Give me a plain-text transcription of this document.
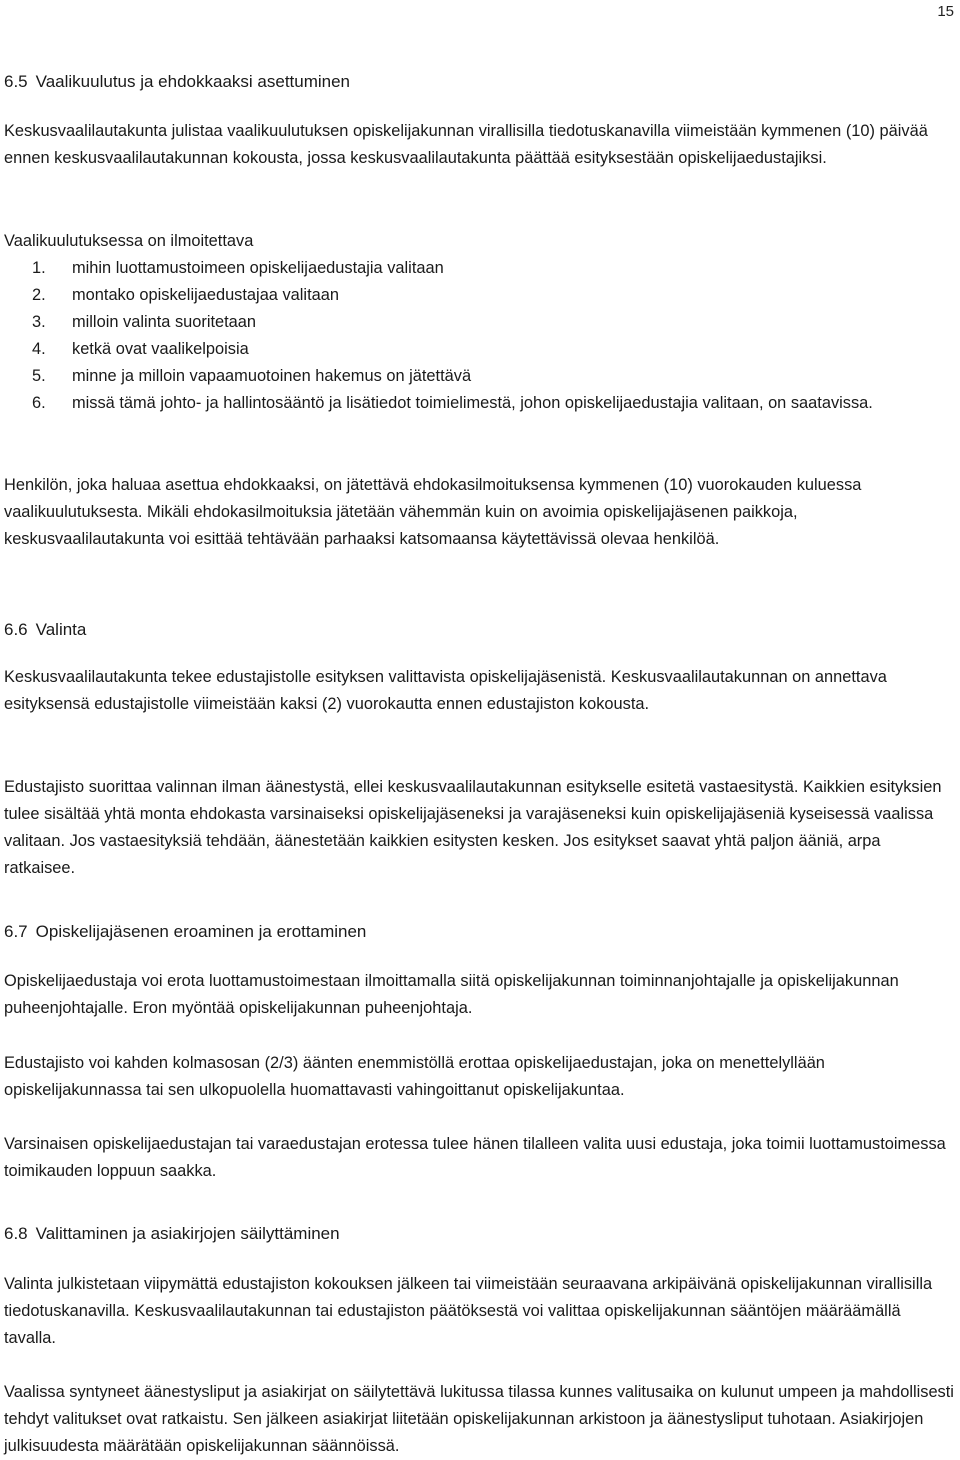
15
6.5 Vaalikuulutus ja ehdokkaaksi asettuminen

Keskusvaalilautakunta julistaa vaalikuulutuksen opiskelijakunnan virallisilla tiedotuskanavilla viimeistään kymmenen (10) päivää ennen keskusvaalilautakunnan kokousta, jossa keskusvaalilautakunta päättää esityksestään opiskelijaedustajiksi.

Vaalikuulutuksessa on ilmoitettava

1. mihin luottamustoimeen opiskelijaedustajia valitaan
2. montako opiskelijaedustajaa valitaan
3. milloin valinta suoritetaan
4. ketkä ovat vaalikelpoisia
5. minne ja milloin vapaamuotoinen hakemus on jätettävä
6. missä tämä johto- ja hallintosääntö ja lisätiedot toimielimestä, johon opiskelijaedustajia valitaan, on saatavissa.

Henkilön, joka haluaa asettua ehdokkaaksi, on jätettävä ehdokasilmoituksensa kymmenen (10) vuorokauden kuluessa vaalikuulutuksesta. Mikäli ehdokasilmoituksia jätetään vähemmän kuin on avoimia opiskelijajäsenen paikkoja, keskusvaalilautakunta voi esittää tehtävään parhaaksi katsomaansa käytettävissä olevaa henkilöä.

6.6 Valinta

Keskusvaalilautakunta tekee edustajistolle esityksen valittavista opiskelijajäsenistä. Keskusvaalilautakunnan on annettava esityksensä edustajistolle viimeistään kaksi (2) vuorokautta ennen edustajiston kokousta.

Edustajisto suorittaa valinnan ilman äänestystä, ellei keskusvaalilautakunnan esitykselle esitetä vastaesitystä. Kaikkien esityksien tulee sisältää yhtä monta ehdokasta varsinaiseksi opiskelijajäseneksi ja varajäseneksi kuin opiskelijajäseniä kyseisessä vaalissa valitaan. Jos vastaesityksiä tehdään, äänestetään kaikkien esitysten kesken. Jos esitykset saavat yhtä paljon ääniä, arpa ratkaisee.

6.7 Opiskelijajäsenen eroaminen ja erottaminen

Opiskelijaedustaja voi erota luottamustoimestaan ilmoittamalla siitä opiskelijakunnan toiminnanjohtajalle ja opiskelijakunnan puheenjohtajalle. Eron myöntää opiskelijakunnan puheenjohtaja.

Edustajisto voi kahden kolmasosan (2/3) äänten enemmistöllä erottaa opiskelijaedustajan, joka on menettelyllään opiskelijakunnassa tai sen ulkopuolella huomattavasti vahingoittanut opiskelijakuntaa.

Varsinaisen opiskelijaedustajan tai varaedustajan erotessa tulee hänen tilalleen valita uusi edustaja, joka toimii luottamustoimessa toimikauden loppuun saakka.

6.8 Valittaminen ja asiakirjojen säilyttäminen

Valinta julkistetaan viipymättä edustajiston kokouksen jälkeen tai viimeistään seuraavana arkipäivänä opiskelijakunnan virallisilla tiedotuskanavilla. Keskusvaalilautakunnan tai edustajiston päätöksestä voi valittaa opiskelijakunnan sääntöjen määräämällä tavalla.

Vaalissa syntyneet äänestysliput ja asiakirjat on säilytettävä lukitussa tilassa kunnes valitusaika on kulunut umpeen ja mahdollisesti tehdyt valitukset ovat ratkaistu. Sen jälkeen asiakirjat liitetään opiskelijakunnan arkistoon ja äänestysliput tuhotaan. Asiakirjojen julkisuudesta määrätään opiskelijakunnan säännöissä.
